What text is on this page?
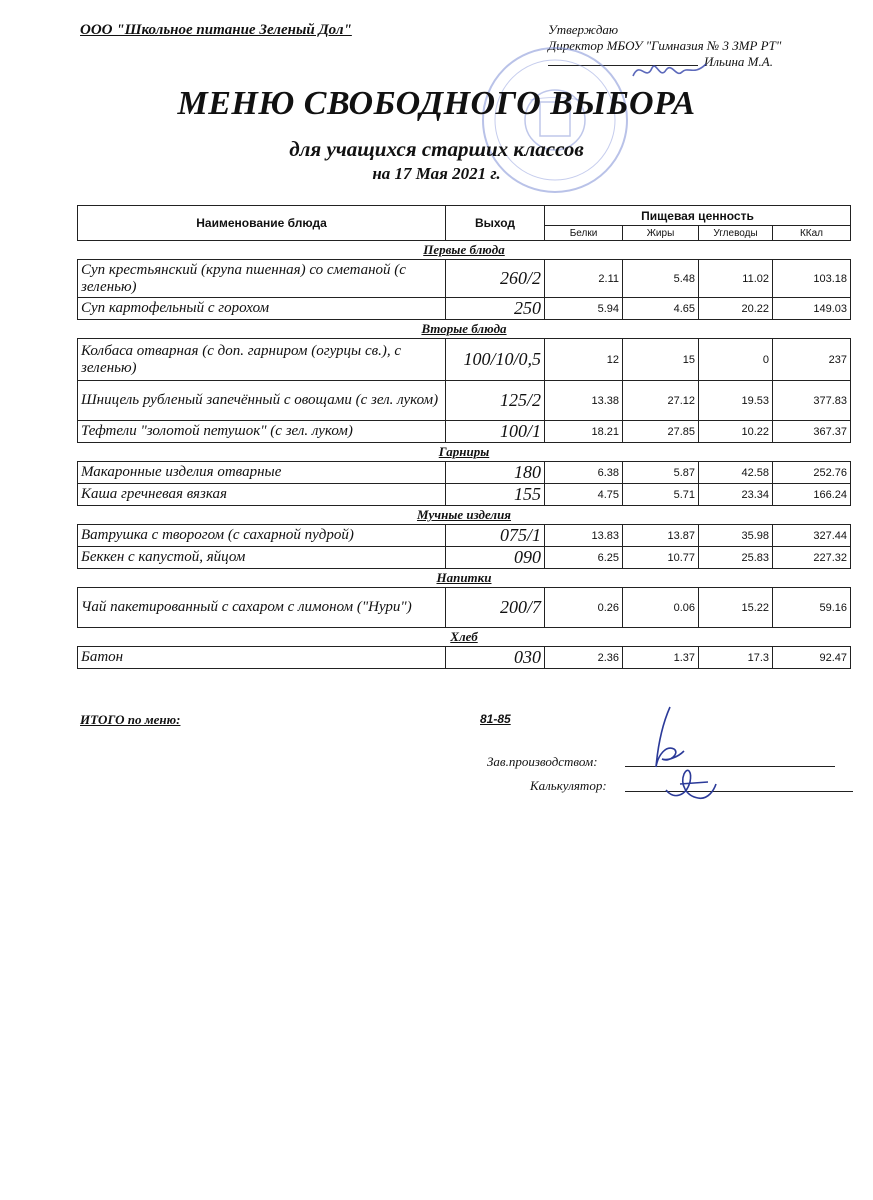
ООО "Школьное питание Зеленый Дол"	Утверждаю
Директор МБОУ "Гимназия № 3 ЗМР РТ"
Ильина М.А.
МЕНЮ СВОБОДНОГО ВЫБОРА
для учащихся старших классов
на 17 Мая 2021 г.
Наименование блюда	Выход	Пищевая ценность			
		Белки	Жиры	Углеводы	ККал
Первые блюда					
Суп крестьянский (крупа пшенная) со сметаной (с зеленью)	260/2	2.11	5.48	11.02	103.18
Суп картофельный с горохом	250	5.94	4.65	20.22	149.03
Вторые блюда					
Колбаса отварная (с доп. гарниром (огурцы св.), с зеленью)	100/10/0,5	12	15	0	237
Шницель рубленый запечённый с овощами (с зел. луком)	125/2	13.38	27.12	19.53	377.83
Тефтели "золотой петушок" (с зел. луком)	100/1	18.21	27.85	10.22	367.37
Гарниры					
Макаронные изделия отварные	180	6.38	5.87	42.58	252.76
Каша гречневая вязкая	155	4.75	5.71	23.34	166.24
Мучные изделия					
Ватрушка с творогом (с сахарной пудрой)	075/1	13.83	13.87	35.98	327.44
Беккен с капустой, яйцом	090	6.25	10.77	25.83	227.32
Напитки					
Чай пакетированный с сахаром с лимоном ("Нури")	200/7	0.26	0.06	15.22	59.16
Хлеб					
Батон	030	2.36	1.37	17.3	92.47
ИТОГО по меню:	81-85
Зав.производством:
Калькулятор:
